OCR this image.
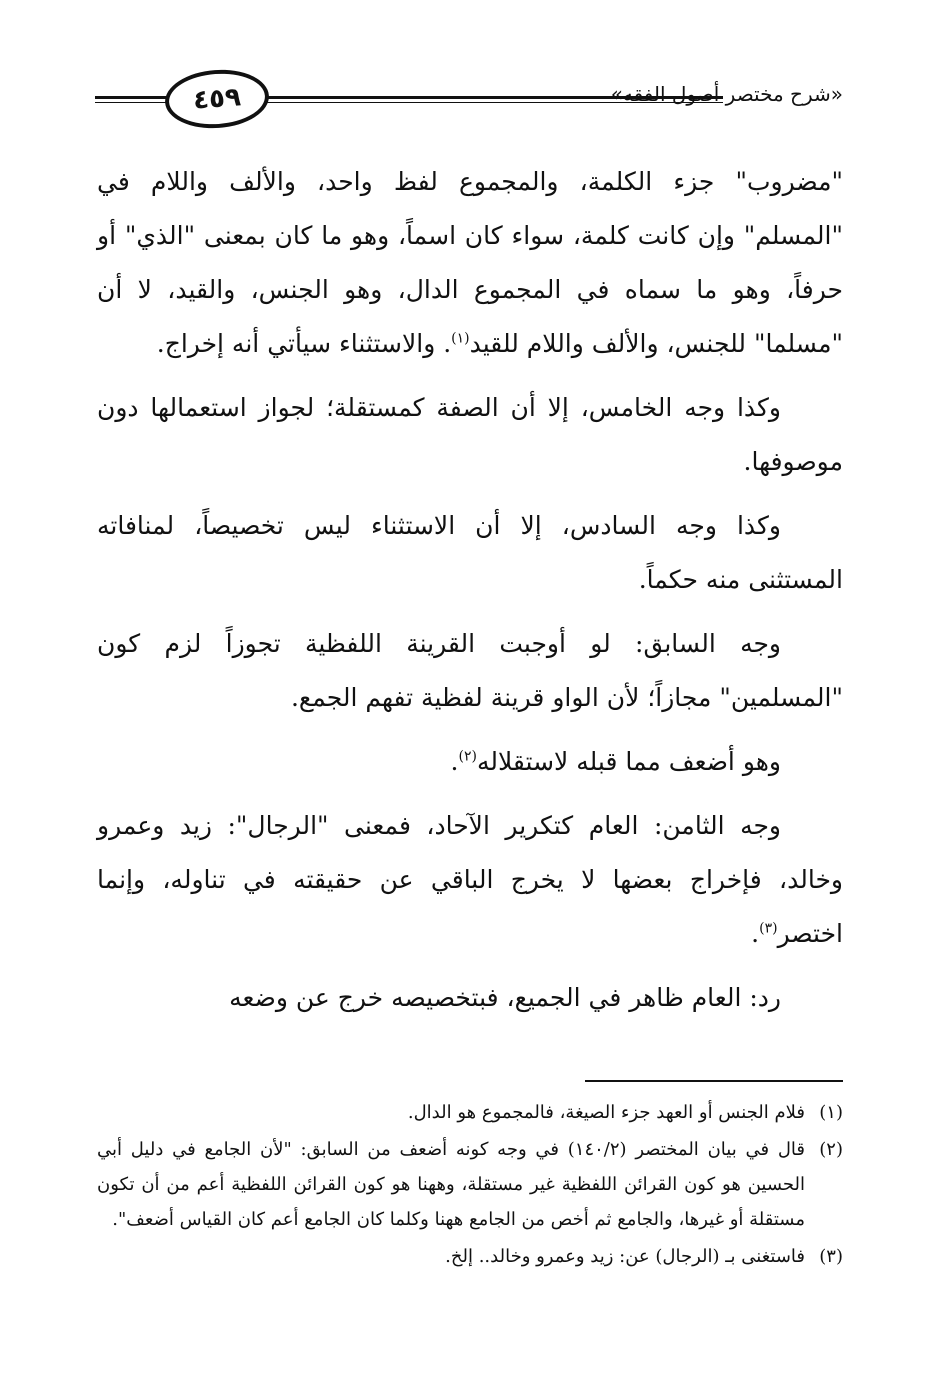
٤٥٩	«شرح مختصر أصول الفقه»

"مضروب" جزء الكلمة، والمجموع لفظ واحد، والألف واللام في "المسلم" وإن كانت كلمة، سواء كان اسماً، وهو ما كان بمعنى "الذي" أو حرفاً، وهو ما سماه في المجموع الدال، وهو الجنس، والقيد، لا أن "مسلما" للجنس، والألف واللام للقيد$^{(١)}$. والاستثناء سيأتي أنه إخراج.

وكذا وجه الخامس، إلا أن الصفة كمستقلة؛ لجواز استعمالها دون موصوفها.

وكذا وجه السادس، إلا أن الاستثناء ليس تخصيصاً، لمنافاته المستثنى منه حكماً.

وجه السابق: لو أوجبت القرينة اللفظية تجوزاً لزم كون "المسلمين" مجازاً؛ لأن الواو قرينة لفظية تفهم الجمع.

وهو أضعف مما قبله لاستقلاله$^{(٢)}$.

وجه الثامن: العام كتكرير الآحاد، فمعنى "الرجال": زيد وعمرو وخالد، فإخراج بعضها لا يخرج الباقي عن حقيقته في تناوله، وإنما اختصر$^{(٣)}$.

رد: العام ظاهر في الجميع، فبتخصيصه خرج عن وضعه

(١)
فلام الجنس أو العهد جزء الصيغة، فالمجموع هو الدال.
(٢)
قال في بيان المختصر (١٤٠/٢) في وجه كونه أضعف من السابق: "لأن الجامع في دليل أبي الحسين هو كون القرائن اللفظية غير مستقلة، وههنا هو كون القرائن اللفظية أعم من أن تكون مستقلة أو غيرها، والجامع ثم أخص من الجامع ههنا وكلما كان الجامع أعم كان القياس أضعف".
(٣)
فاستغنى بـ (الرجال) عن: زيد وعمرو وخالد.. إلخ.
